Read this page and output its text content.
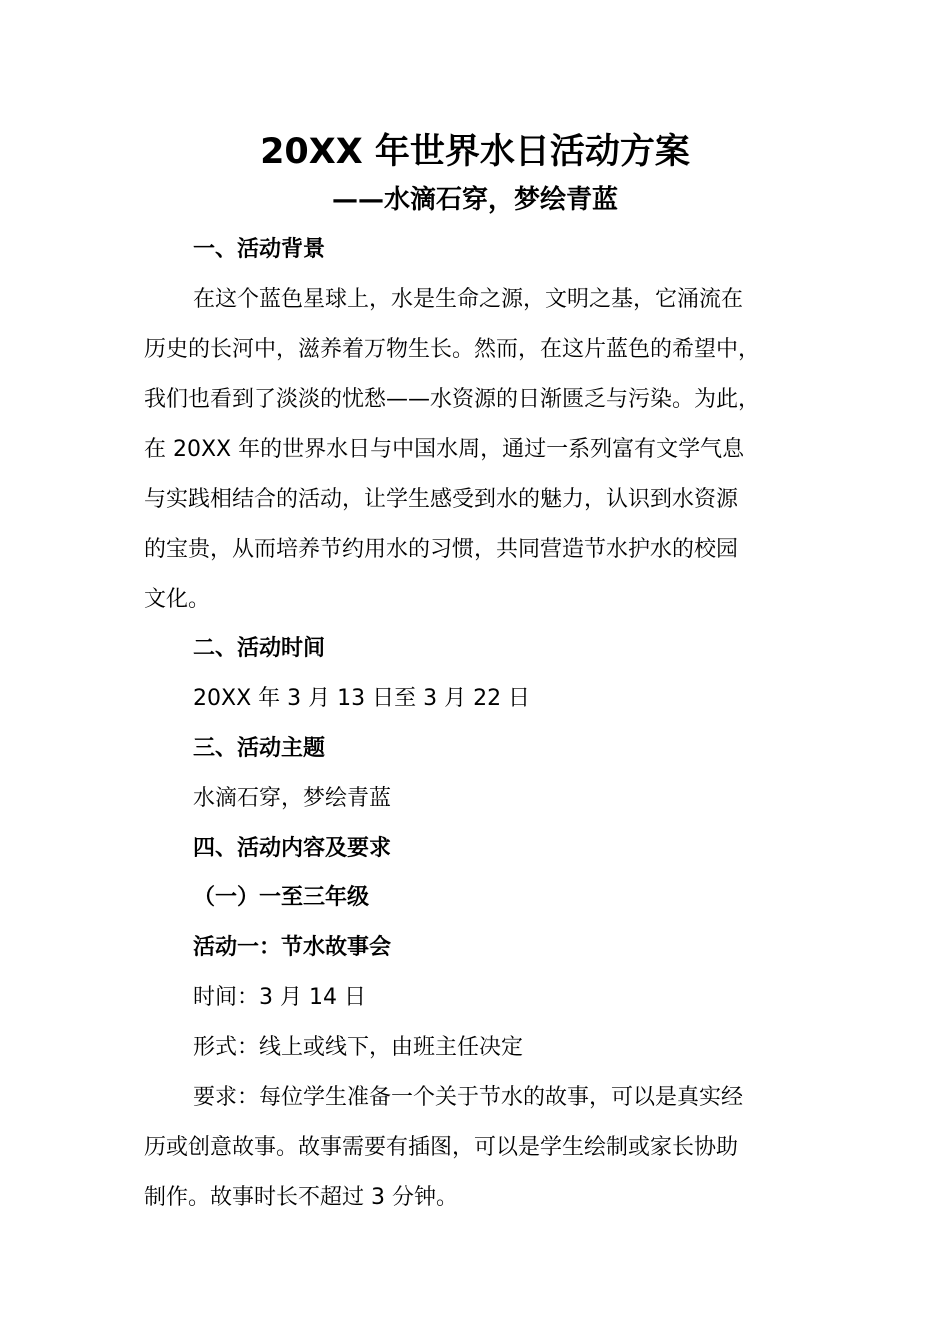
20XX 年世界水日活动方案
——水滴石穿，梦绘青蓝
一、活动背景
在这个蓝色星球上，水是生命之源，文明之基，它涌流在
历史的长河中，滋养着万物生长。然而，在这片蓝色的希望中，
我们也看到了淡淡的忧愁——水资源的日渐匮乏与污染。为此，
在 20XX 年的世界水日与中国水周，通过一系列富有文学气息
与实践相结合的活动，让学生感受到水的魅力，认识到水资源
的宝贵，从而培养节约用水的习惯，共同营造节水护水的校园
文化。
二、活动时间
20XX 年 3 月 13 日至 3 月 22 日
三、活动主题
水滴石穿，梦绘青蓝
四、活动内容及要求
（一）一至三年级
活动一：节水故事会
时间：3 月 14 日
形式：线上或线下，由班主任决定
要求：每位学生准备一个关于节水的故事，可以是真实经
历或创意故事。故事需要有插图，可以是学生绘制或家长协助
制作。故事时长不超过 3 分钟。
